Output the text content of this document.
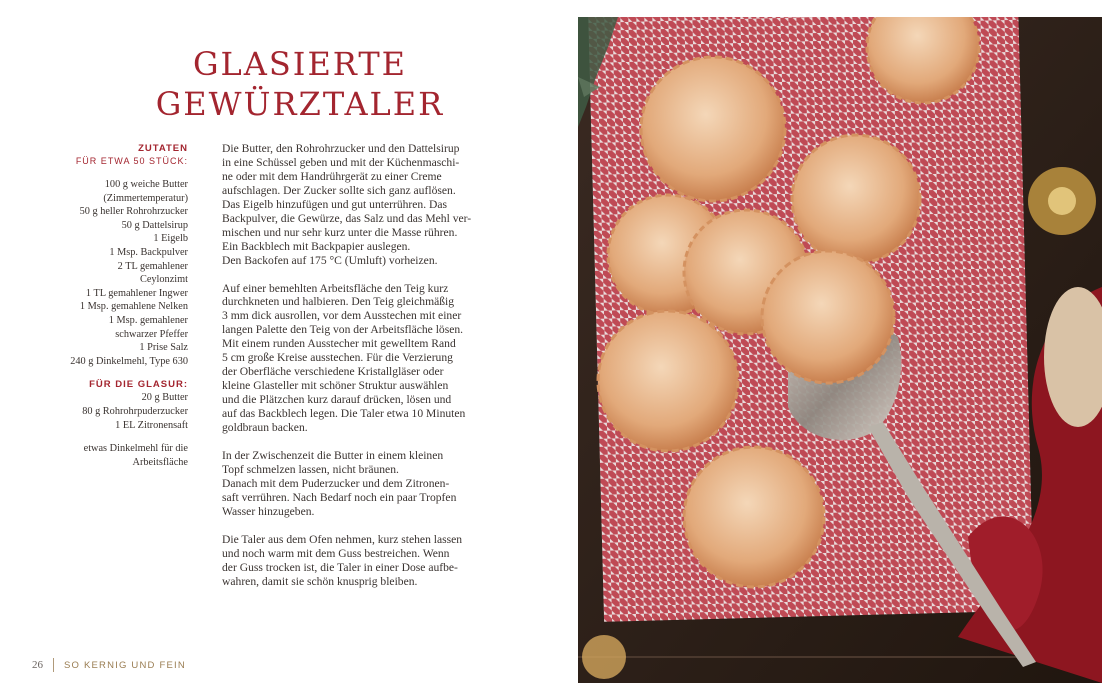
GLASIERTE
GEWÜRZTALER
ZUTATEN
FÜR ETWA 50 STÜCK:
100 g weiche Butter
(Zimmertemperatur)
50 g heller Rohrohrzucker
50 g Dattelsirup
1 Eigelb
1 Msp. Backpulver
2 TL gemahlener
Ceylonzimt
1 TL gemahlener Ingwer
1 Msp. gemahlene Nelken
1 Msp. gemahlener
schwarzer Pfeffer
1 Prise Salz
240 g Dinkelmehl, Type 630
FÜR DIE GLASUR:
20 g Butter
80 g Rohrohrpuderzucker
1 EL Zitronensaft
etwas Dinkelmehl für die
Arbeitsfläche

Die Butter, den Rohrohrzucker und den Dattelsirup
in eine Schüssel geben und mit der Küchenmaschi-
ne oder mit dem Handrührgerät zu einer Creme
aufschlagen. Der Zucker sollte sich ganz auflösen.
Das Eigelb hinzufügen und gut unterrühren. Das
Backpulver, die Gewürze, das Salz und das Mehl ver-
mischen und nur sehr kurz unter die Masse rühren.
Ein Backblech mit Backpapier auslegen.
Den Backofen auf 175 °C (Umluft) vorheizen.

Auf einer bemehlten Arbeitsfläche den Teig kurz
durchkneten und halbieren. Den Teig gleichmäßig
3 mm dick ausrollen, vor dem Ausstechen mit einer
langen Palette den Teig von der Arbeitsfläche lösen.
Mit einem runden Ausstecher mit gewelltem Rand
5 cm große Kreise ausstechen. Für die Verzierung
der Oberfläche verschiedene Kristallgläser oder
kleine Glasteller mit schöner Struktur auswählen
und die Plätzchen kurz darauf drücken, lösen und
auf das Backblech legen. Die Taler etwa 10 Minuten
goldbraun backen.

In der Zwischenzeit die Butter in einem kleinen
Topf schmelzen lassen, nicht bräunen.
Danach mit dem Puderzucker und dem Zitronen-
saft verrühren. Nach Bedarf noch ein paar Tropfen
Wasser hinzugeben.

Die Taler aus dem Ofen nehmen, kurz stehen lassen
und noch warm mit dem Guss bestreichen. Wenn
der Guss trocken ist, die Taler in einer Dose aufbe-
wahren, damit sie schön knusprig bleiben.

26 SO KERNIG UND FEIN
